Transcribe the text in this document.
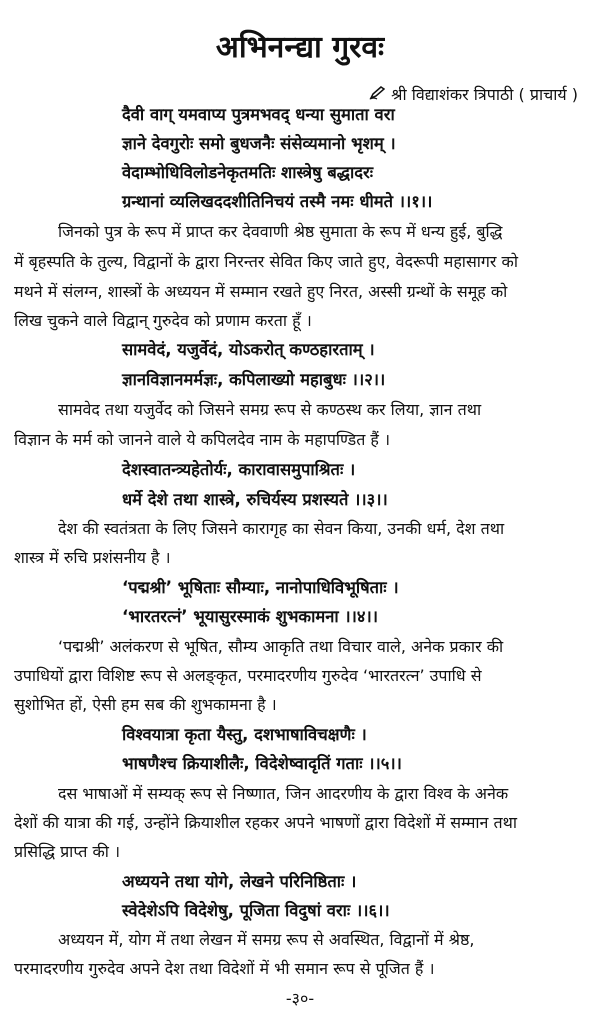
अभिनन्द्या गुरवः
श्री विद्याशंकर त्रिपाठी ( प्राचार्य )
दैवी वाग् यमवाप्य पुत्रमभवद् धन्या सुमाता वरा
ज्ञाने देवगुरोः समो बुधजनैः संसेव्यमानो भृशम् ।
वेदाम्भोधिविलोडनेकृतमतिः शास्त्रेषु बद्धादरः
ग्रन्थानां व्यलिखददशीतिनिचयं तस्मै नमः धीमते ।।१।।
जिनको पुत्र के रूप में प्राप्त कर देववाणी श्रेष्ठ सुमाता के रूप में धन्य हुई, बुद्धि
में बृहस्पति के तुल्य, विद्वानों के द्वारा निरन्तर सेवित किए जाते हुए, वेदरूपी महासागर को
मथने में संलग्न, शास्त्रों के अध्ययन में सम्मान रखते हुए निरत, अस्सी ग्रन्थों के समूह को
लिख चुकने वाले विद्वान् गुरुदेव को प्रणाम करता हूँ ।
सामवेदं, यजुर्वेदं, योऽकरोत् कण्ठहारताम् ।
ज्ञानविज्ञानमर्मज्ञः, कपिलाख्यो महाबुधः ।।२।।
सामवेद तथा यजुर्वेद को जिसने समग्र रूप से कण्ठस्थ कर लिया, ज्ञान तथा
विज्ञान के मर्म को जानने वाले ये कपिलदेव नाम के महापण्डित हैं ।
देशस्वातन्त्र्यहेतोर्यः, कारावासमुपाश्रितः ।
धर्मे देशे तथा शास्त्रे, रुचिर्यस्य प्रशस्यते ।।३।।
देश की स्वतंत्रता के लिए जिसने कारागृह का सेवन किया, उनकी धर्म, देश तथा
शास्त्र में रुचि प्रशंसनीय है ।
‘पद्मश्री’ भूषिताः सौम्याः, नानोपाधिविभूषिताः ।
‘भारतरत्नं’ भूयासुरस्माकं शुभकामना ।।४।।
‘पद्मश्री’ अलंकरण से भूषित, सौम्य आकृति तथा विचार वाले, अनेक प्रकार की
उपाधियों द्वारा विशिष्ट रूप से अलङ्कृत, परमादरणीय गुरुदेव ‘भारतरत्न’ उपाधि से
सुशोभित हों, ऐसी हम सब की शुभकामना है ।
विश्वयात्रा कृता यैस्तु, दशभाषाविचक्षणैः ।
भाषणैश्च क्रियाशीलैः, विदेशेष्वादृतिं गताः ।।५।।
दस भाषाओं में सम्यक् रूप से निष्णात, जिन आदरणीय के द्वारा विश्व के अनेक
देशों की यात्रा की गई, उन्होंने क्रियाशील रहकर अपने भाषणों द्वारा विदेशों में सम्मान तथा
प्रसिद्धि प्राप्त की ।
अध्ययने तथा योगे, लेखने परिनिष्ठिताः ।
स्वेदेशेऽपि विदेशेषु, पूजिता विदुषां वराः ।।६।।
अध्ययन में, योग में तथा लेखन में समग्र रूप से अवस्थित, विद्वानों में श्रेष्ठ,
परमादरणीय गुरुदेव अपने देश तथा विदेशों में भी समान रूप से पूजित हैं ।
-३०-
